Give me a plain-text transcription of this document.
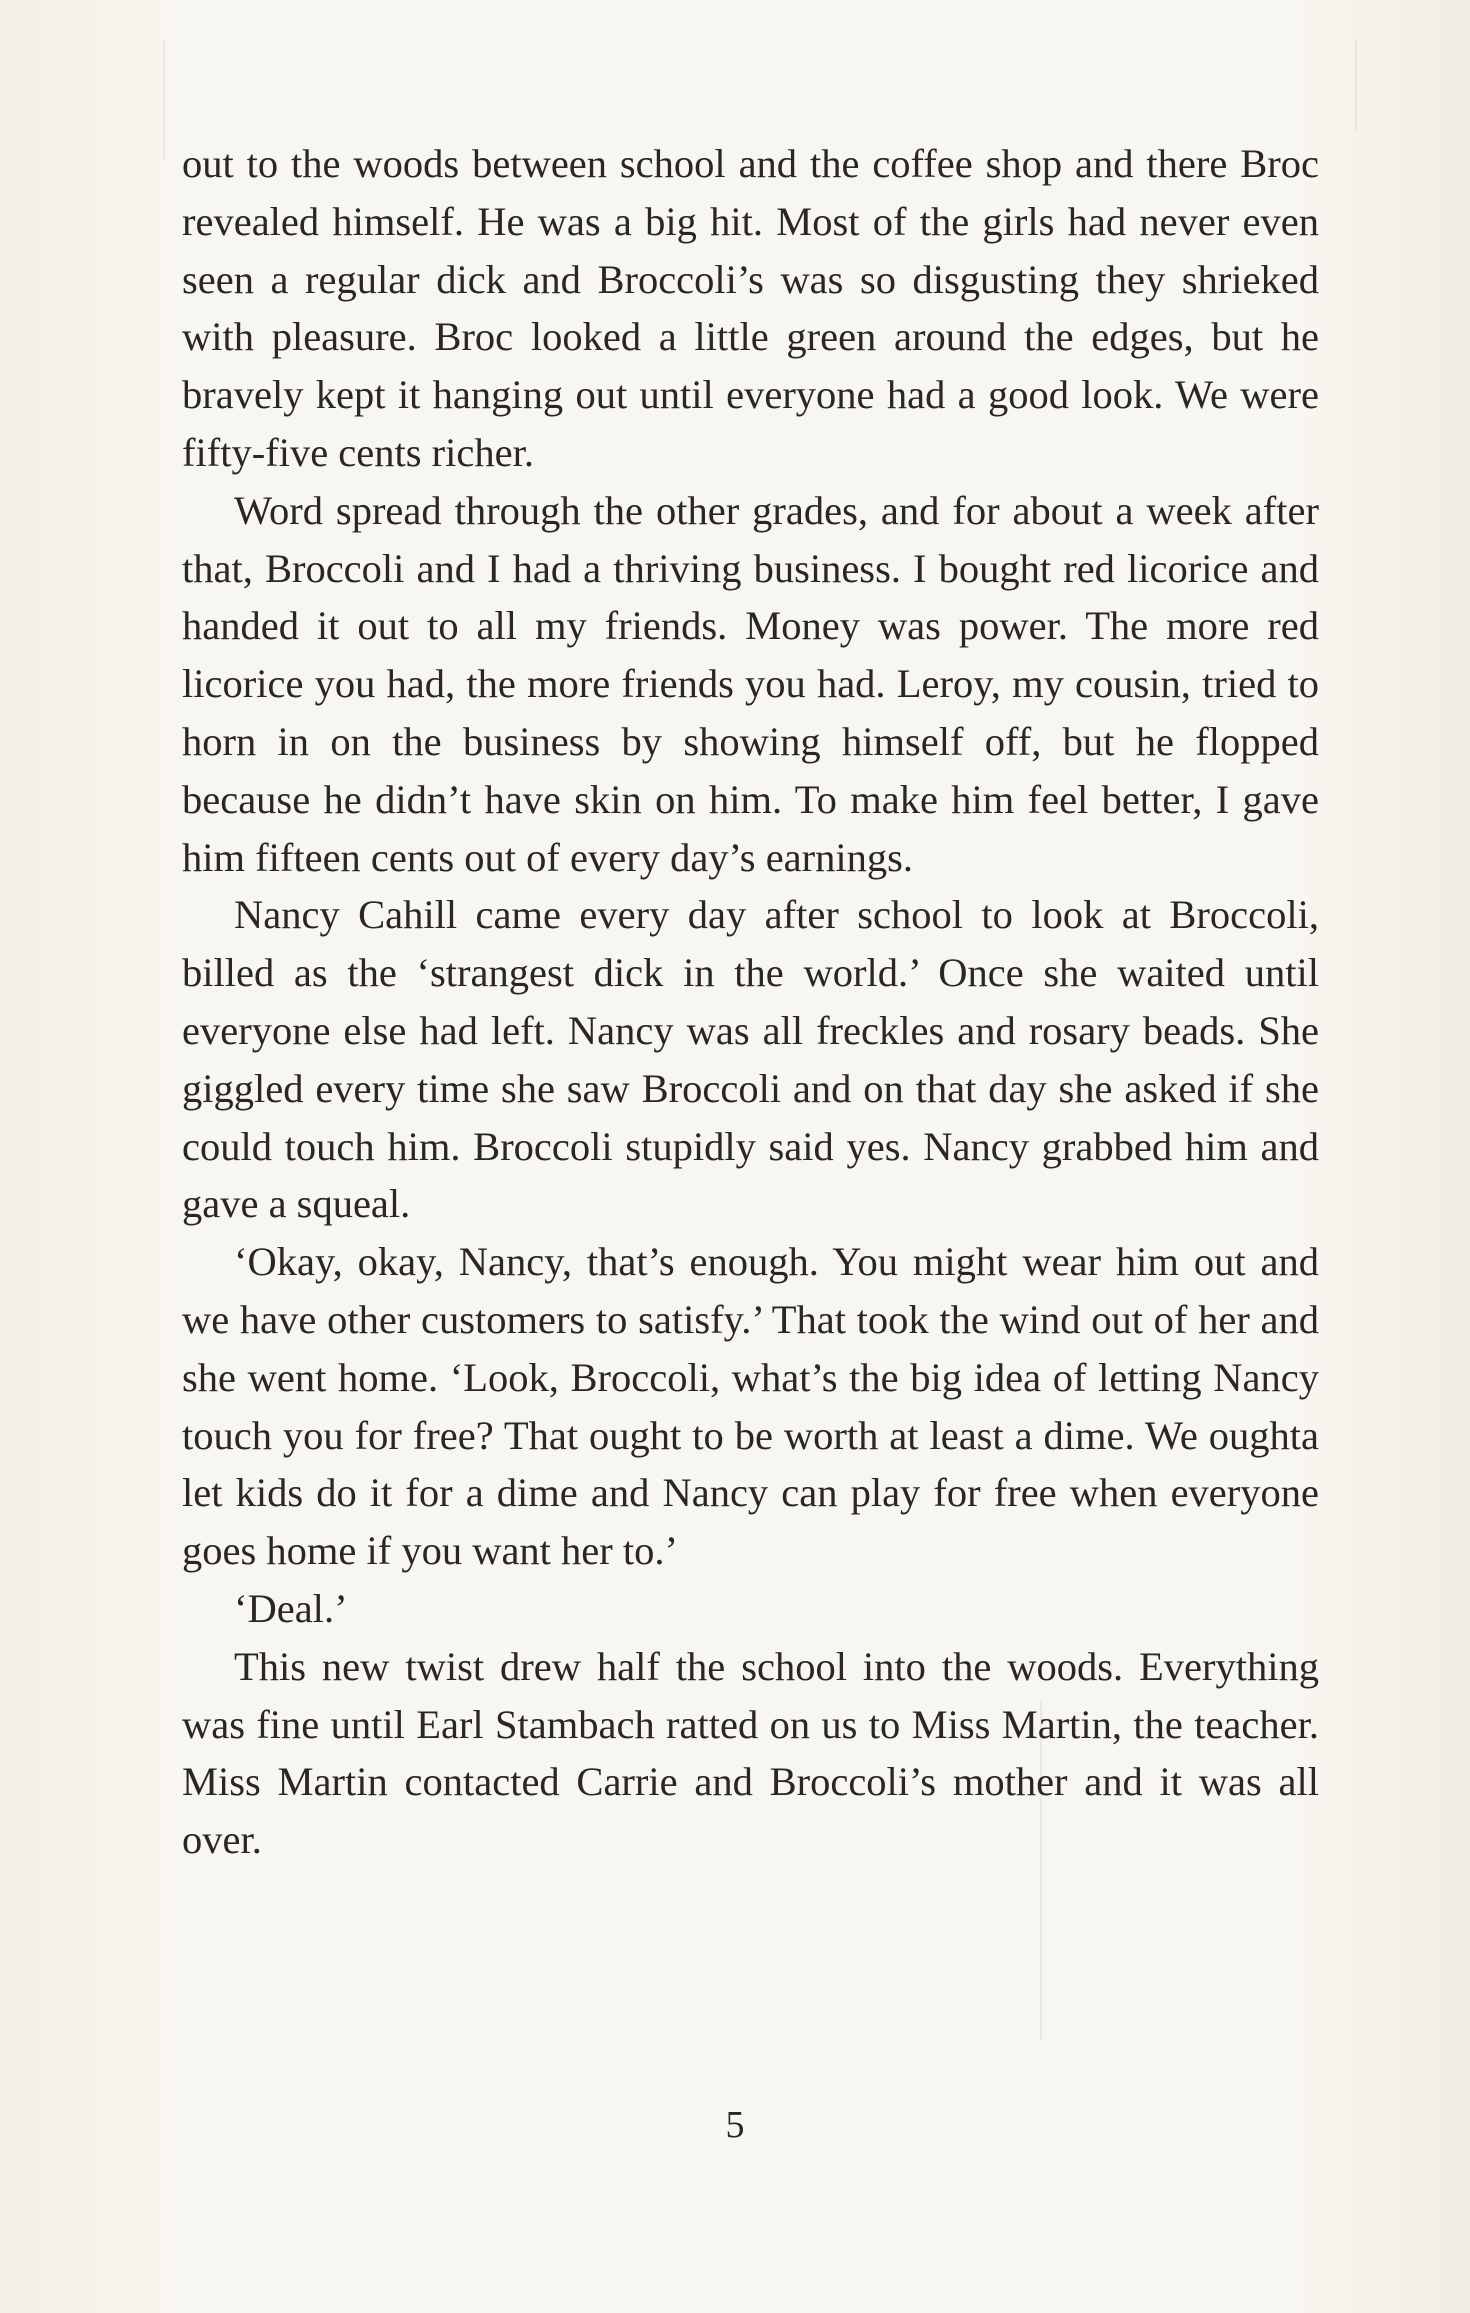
out to the woods between school and the coffee shop and there Broc revealed himself. He was a big hit. Most of the girls had never even seen a regular dick and Broccoli’s was so disgusting they shrieked with pleasure. Broc looked a little green around the edges, but he bravely kept it hanging out until everyone had a good look. We were fifty-five cents richer.

Word spread through the other grades, and for about a week after that, Broccoli and I had a thriving business. I bought red licorice and handed it out to all my friends. Money was power. The more red licorice you had, the more friends you had. Leroy, my cousin, tried to horn in on the business by showing himself off, but he flopped because he didn’t have skin on him. To make him feel better, I gave him fifteen cents out of every day’s earnings.

Nancy Cahill came every day after school to look at Broccoli, billed as the ‘strangest dick in the world.’ Once she waited until everyone else had left. Nancy was all freckles and rosary beads. She giggled every time she saw Broccoli and on that day she asked if she could touch him. Broccoli stupidly said yes. Nancy grabbed him and gave a squeal.

‘Okay, okay, Nancy, that’s enough. You might wear him out and we have other customers to satisfy.’ That took the wind out of her and she went home. ‘Look, Broccoli, what’s the big idea of letting Nancy touch you for free? That ought to be worth at least a dime. We oughta let kids do it for a dime and Nancy can play for free when everyone goes home if you want her to.’

‘Deal.’

This new twist drew half the school into the woods. Everything was fine until Earl Stambach ratted on us to Miss Martin, the teacher. Miss Martin contacted Carrie and Broccoli’s mother and it was all over.

5
